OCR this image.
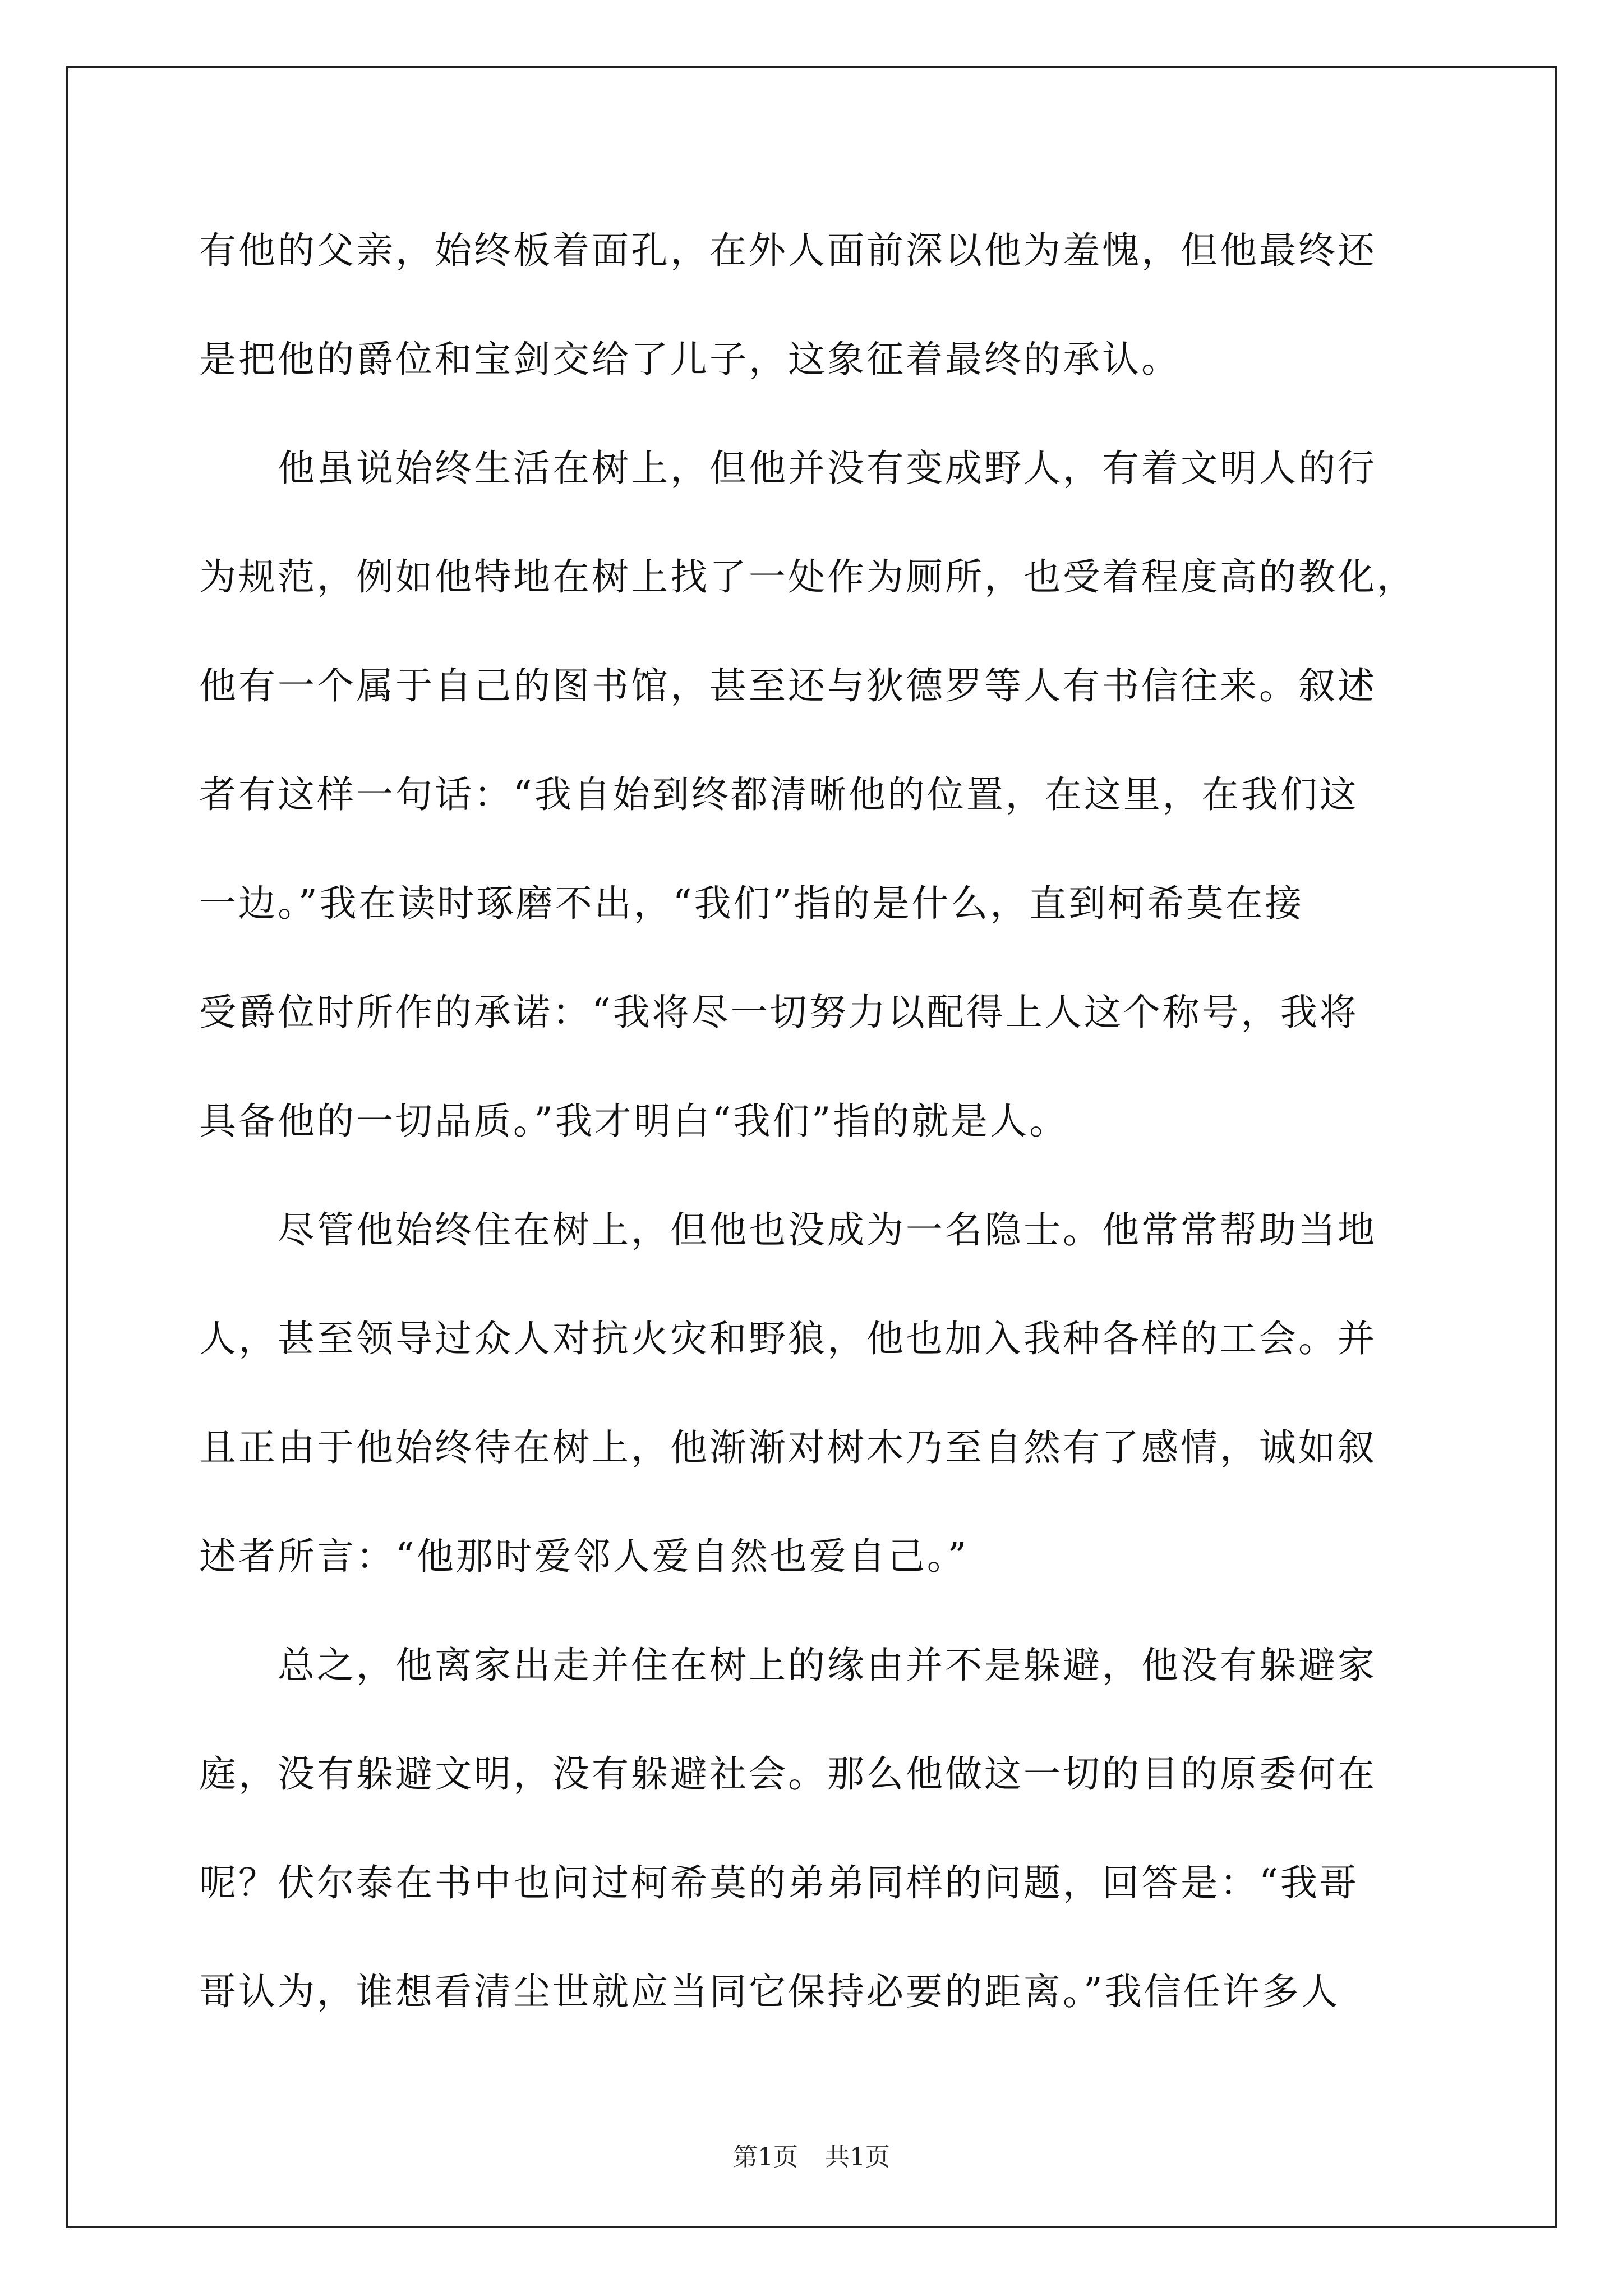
有他的父亲，始终板着面孔，在外人面前深以他为羞愧，但他最终还
是把他的爵位和宝剑交给了儿子，这象征着最终的承认。
　　他虽说始终生活在树上，但他并没有变成野人，有着文明人的行
为规范，例如他特地在树上找了一处作为厕所，也受着程度高的教化，
他有一个属于自己的图书馆，甚至还与狄德罗等人有书信往来。叙述
者有这样一句话：“我自始到终都清晰他的位置，在这里，在我们这
一边。”我在读时琢磨不出，“我们”指的是什么，直到柯希莫在接
受爵位时所作的承诺：“我将尽一切努力以配得上人这个称号，我将
具备他的一切品质。”我才明白“我们”指的就是人。
　　尽管他始终住在树上，但他也没成为一名隐士。他常常帮助当地
人，甚至领导过众人对抗火灾和野狼，他也加入我种各样的工会。并
且正由于他始终待在树上，他渐渐对树木乃至自然有了感情，诚如叙
述者所言：“他那时爱邻人爱自然也爱自己。”
　　总之，他离家出走并住在树上的缘由并不是躲避，他没有躲避家
庭，没有躲避文明，没有躲避社会。那么他做这一切的目的原委何在
呢？伏尔泰在书中也问过柯希莫的弟弟同样的问题，回答是：“我哥
哥认为，谁想看清尘世就应当同它保持必要的距离。”我信任许多人
第1页 共1页
